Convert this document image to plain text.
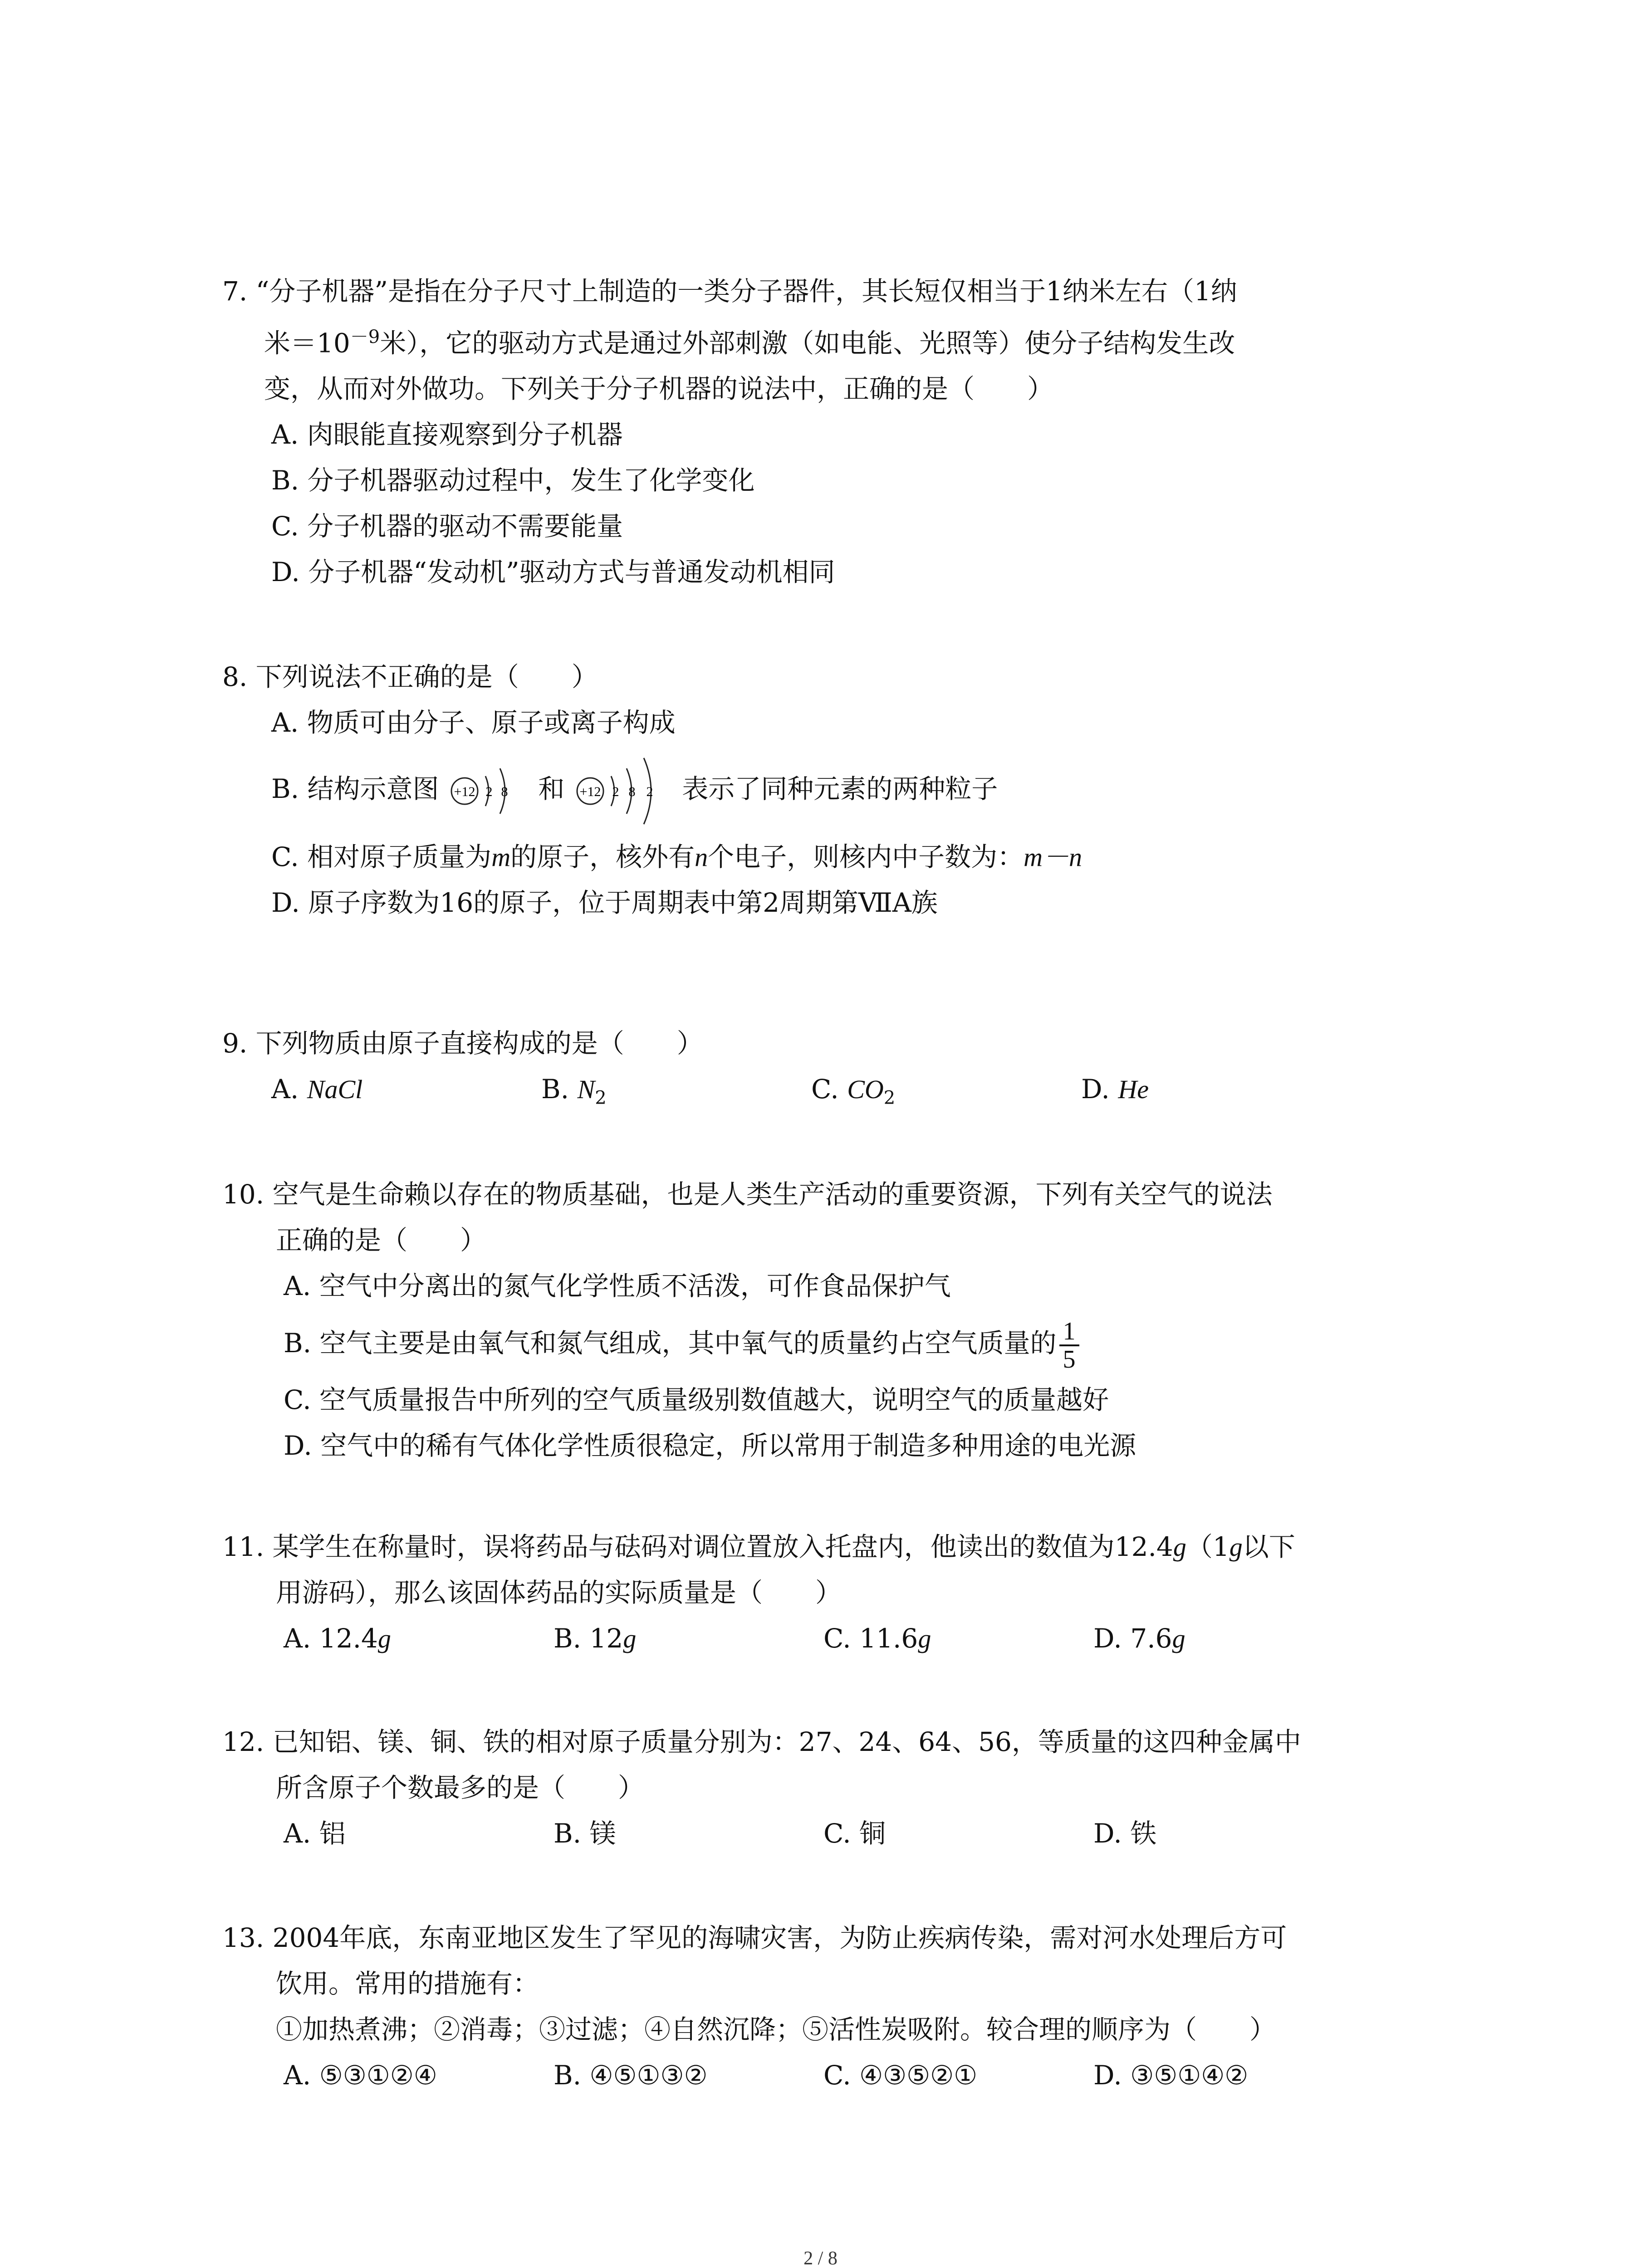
7. “分子机器”是指在分子尺寸上制造的一类分子器件，其长短仅相当于1纳米左右（1纳
米$=10^{-9}$米），它的驱动方式是通过外部刺激（如电能、光照等）使分子结构发生改
变，从而对外做功。下列关于分子机器的说法中，正确的是（　　）
A. 肉眼能直接观察到分子机器
B. 分子机器驱动过程中，发生了化学变化
C. 分子机器的驱动不需要能量
D. 分子机器“发动机”驱动方式与普通发动机相同
8. 下列说法不正确的是（　　）
A. 物质可由分子、原子或离子构成
B. 结构示意图 +12 2 8 和 +12 2 8 2 表示了同种元素的两种粒子
C. 相对原子质量为m的原子，核外有n个电子，则核内中子数为：m－n
D. 原子序数为16的原子，位于周期表中第2周期第ⅦA族
9. 下列物质由原子直接构成的是（　　）
A. NaCl	B. $N_2$	C. $CO_2$	D. He
10. 空气是生命赖以存在的物质基础，也是人类生产活动的重要资源，下列有关空气的说法
正确的是（　　）
A. 空气中分离出的氮气化学性质不活泼，可作食品保护气
B. 空气主要是由氧气和氮气组成，其中氧气的质量约占空气质量的 $\frac{1}{5}$
C. 空气质量报告中所列的空气质量级别数值越大，说明空气的质量越好
D. 空气中的稀有气体化学性质很稳定，所以常用于制造多种用途的电光源
11. 某学生在称量时，误将药品与砝码对调位置放入托盘内，他读出的数值为12.4g（1g以下
用游码），那么该固体药品的实际质量是（　　）
A. 12.4g	B. 12g	C. 11.6g	D. 7.6g
12. 已知铝、镁、铜、铁的相对原子质量分别为：27、24、64、56，等质量的这四种金属中
所含原子个数最多的是（　　）
A. 铝	B. 镁	C. 铜	D. 铁
13. 2004年底，东南亚地区发生了罕见的海啸灾害，为防止疾病传染，需对河水处理后方可
饮用。常用的措施有：
①加热煮沸；②消毒；③过滤；④自然沉降；⑤活性炭吸附。较合理的顺序为（　　）
A. ⑤③①②④	B. ④⑤①③②	C. ④③⑤②①	D. ③⑤①④②
2 / 8
